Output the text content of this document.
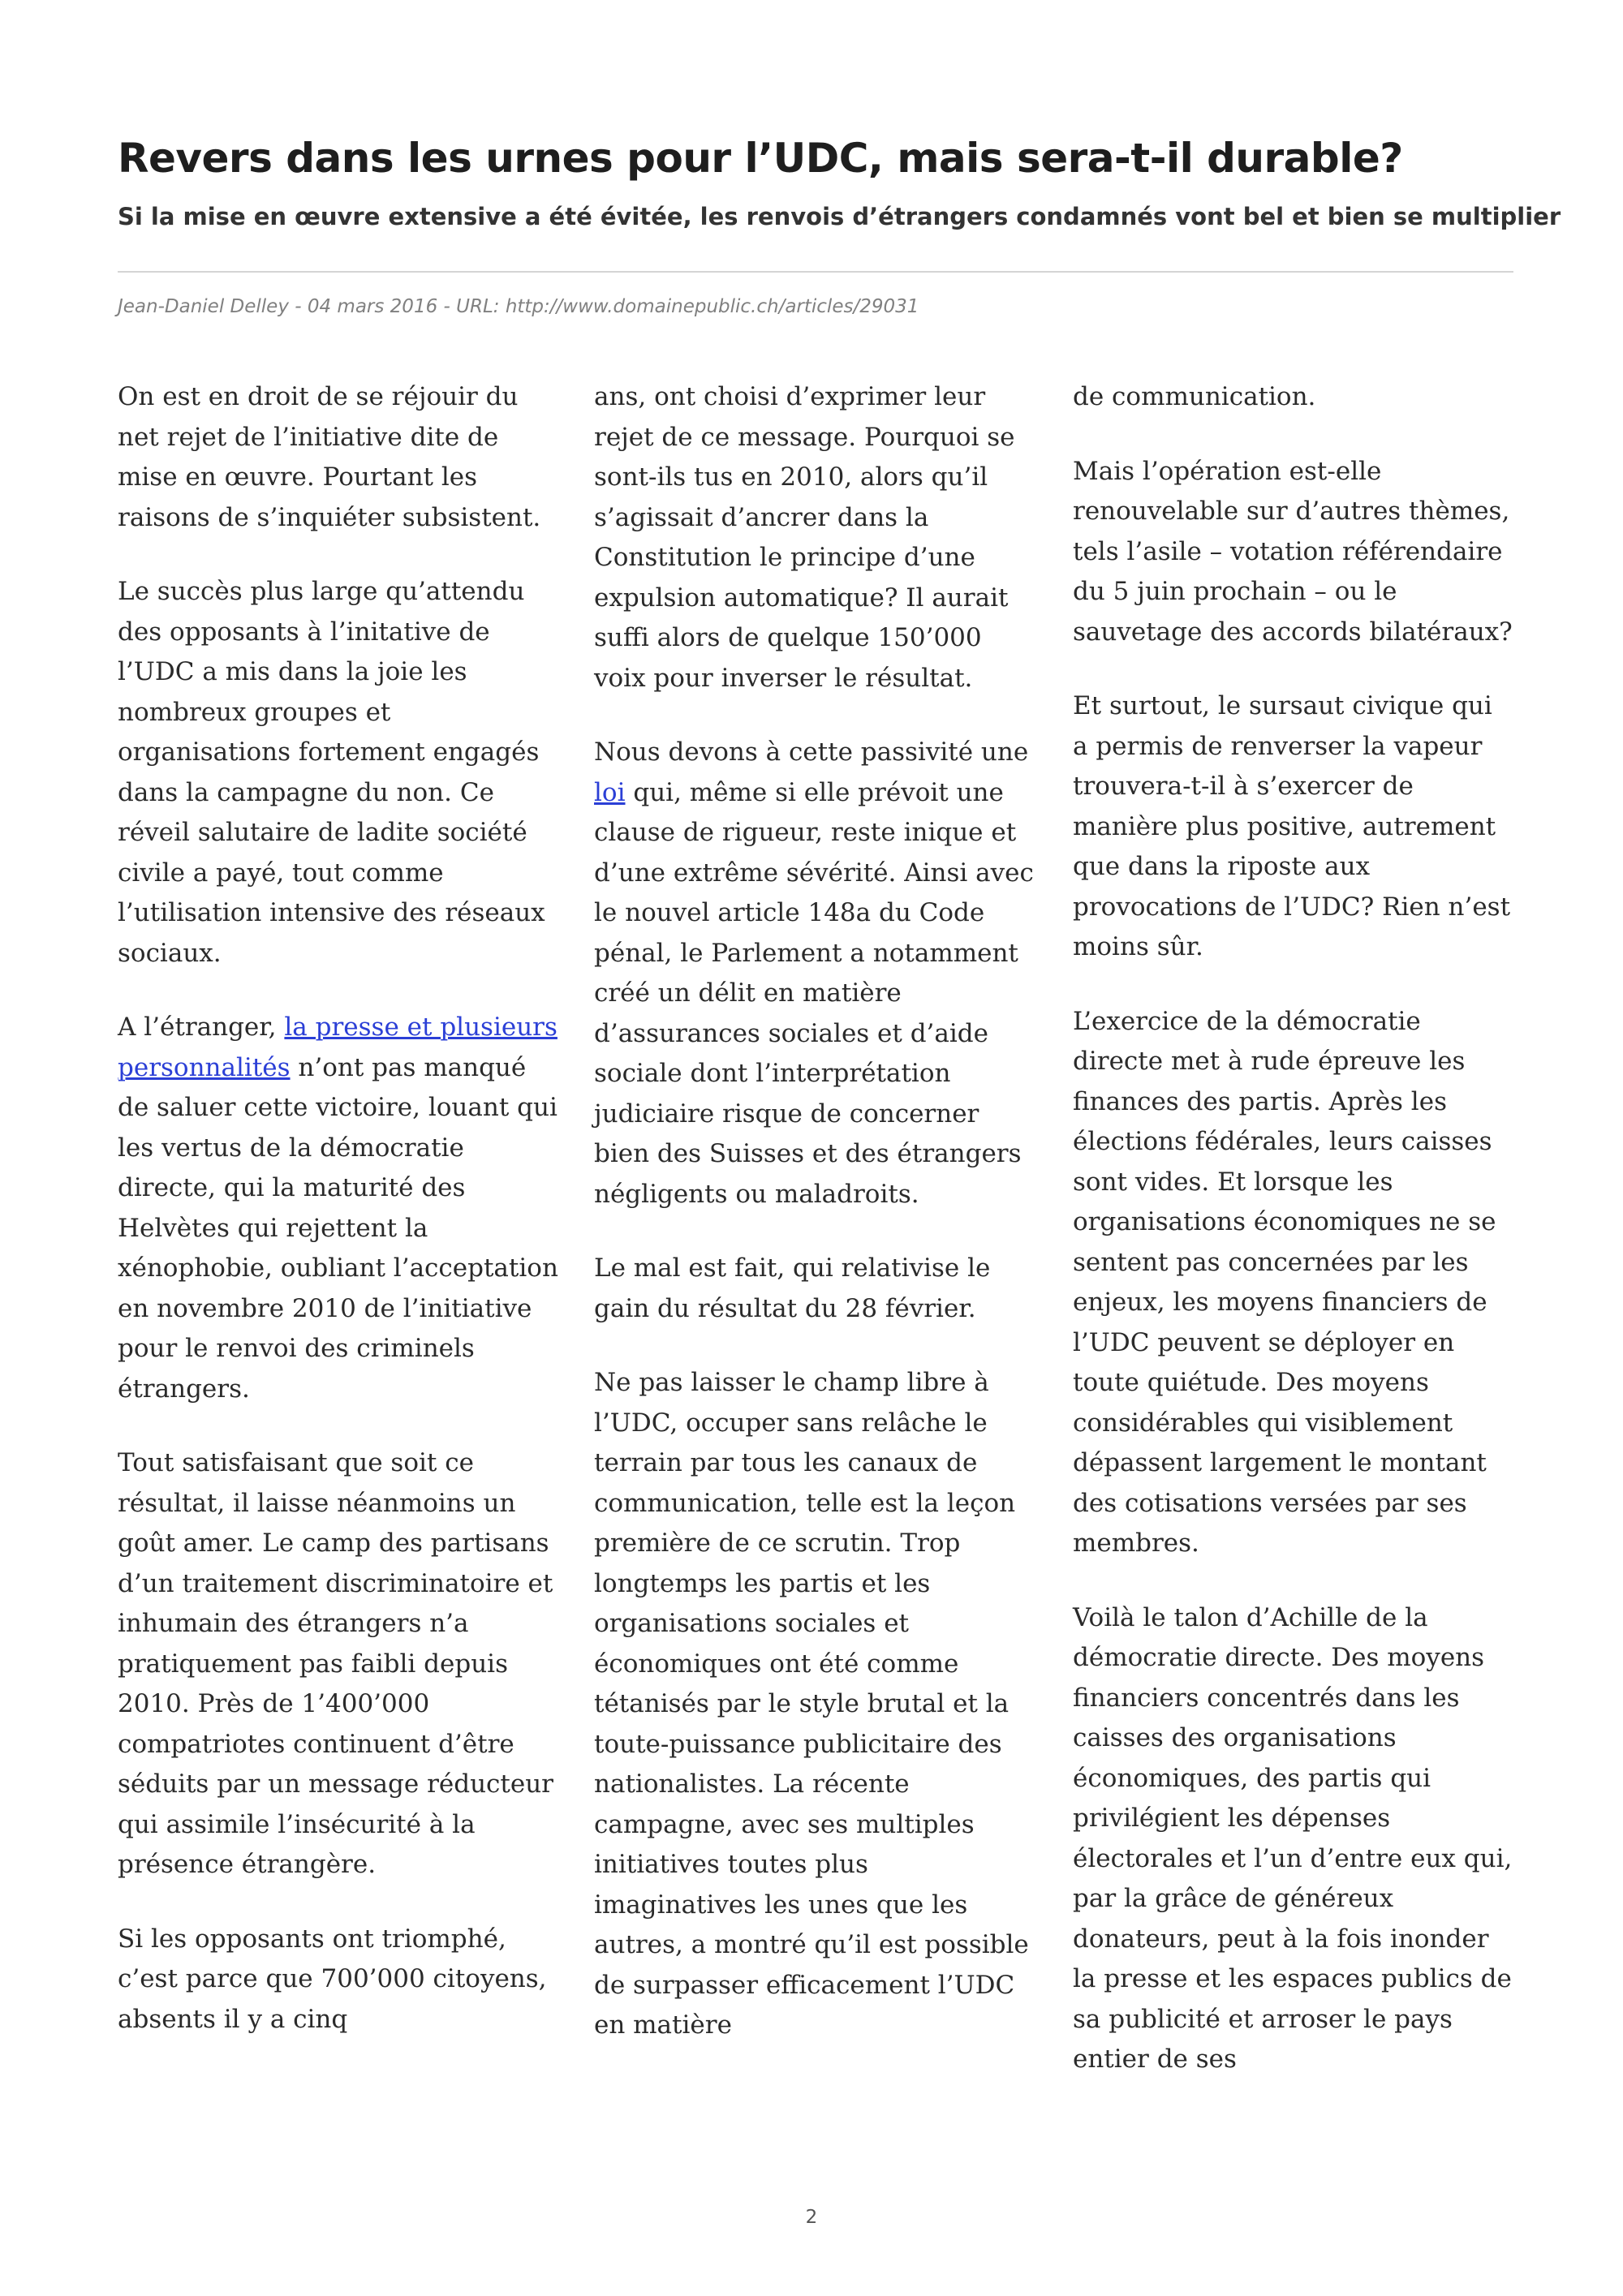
Revers dans les urnes pour l’UDC, mais sera-t-il durable?
Si la mise en œuvre extensive a été évitée, les renvois d’étrangers condamnés vont bel et bien se multiplier
Jean-Daniel Delley - 04 mars 2016 - URL: http://www.domainepublic.ch/articles/29031

On est en droit de se réjouir du net rejet de l’initiative dite de mise en œuvre. Pourtant les raisons de s’inquiéter subsistent.

Le succès plus large qu’attendu des opposants à l’initative de l’UDC a mis dans la joie les nombreux groupes et organisations fortement engagés dans la campagne du non. Ce réveil salutaire de ladite société civile a payé, tout comme l’utilisation intensive des réseaux sociaux.

A l’étranger, la presse et plusieurs personnalités n’ont pas manqué de saluer cette victoire, louant qui les vertus de la démocratie directe, qui la maturité des Helvètes qui rejettent la xénophobie, oubliant l’acceptation en novembre 2010 de l’initiative pour le renvoi des criminels étrangers.

Tout satisfaisant que soit ce résultat, il laisse néanmoins un goût amer. Le camp des partisans d’un traitement discriminatoire et inhumain des étrangers n’a pratiquement pas faibli depuis 2010. Près de 1’400’000 compatriotes continuent d’être séduits par un message réducteur qui assimile l’insécurité à la présence étrangère.

Si les opposants ont triomphé, c’est parce que 700’000 citoyens, absents il y a cinq

ans, ont choisi d’exprimer leur rejet de ce message. Pourquoi se sont-ils tus en 2010, alors qu’il s’agissait d’ancrer dans la Constitution le principe d’une expulsion automatique? Il aurait suffi alors de quelque 150’000 voix pour inverser le résultat.

Nous devons à cette passivité une loi qui, même si elle prévoit une clause de rigueur, reste inique et d’une extrême sévérité. Ainsi avec le nouvel article 148a du Code pénal, le Parlement a notamment créé un délit en matière d’assurances sociales et d’aide sociale dont l’interprétation judiciaire risque de concerner bien des Suisses et des étrangers négligents ou maladroits.

Le mal est fait, qui relativise le gain du résultat du 28 février.

Ne pas laisser le champ libre à l’UDC, occuper sans relâche le terrain par tous les canaux de communication, telle est la leçon première de ce scrutin. Trop longtemps les partis et les organisations sociales et économiques ont été comme tétanisés par le style brutal et la toute-puissance publicitaire des nationalistes. La récente campagne, avec ses multiples initiatives toutes plus imaginatives les unes que les autres, a montré qu’il est possible de surpasser efficacement l’UDC en matière

de communication.

Mais l’opération est-elle renouvelable sur d’autres thèmes, tels l’asile – votation référendaire du 5 juin prochain – ou le sauvetage des accords bilatéraux?

Et surtout, le sursaut civique qui a permis de renverser la vapeur trouvera-t-il à s’exercer de manière plus positive, autrement que dans la riposte aux provocations de l’UDC? Rien n’est moins sûr.

L’exercice de la démocratie directe met à rude épreuve les finances des partis. Après les élections fédérales, leurs caisses sont vides. Et lorsque les organisations économiques ne se sentent pas concernées par les enjeux, les moyens financiers de l’UDC peuvent se déployer en toute quiétude. Des moyens considérables qui visiblement dépassent largement le montant des cotisations versées par ses membres.

Voilà le talon d’Achille de la démocratie directe. Des moyens financiers concentrés dans les caisses des organisations économiques, des partis qui privilégient les dépenses électorales et l’un d’entre eux qui, par la grâce de généreux donateurs, peut à la fois inonder la presse et les espaces publics de sa publicité et arroser le pays entier de ses

2
